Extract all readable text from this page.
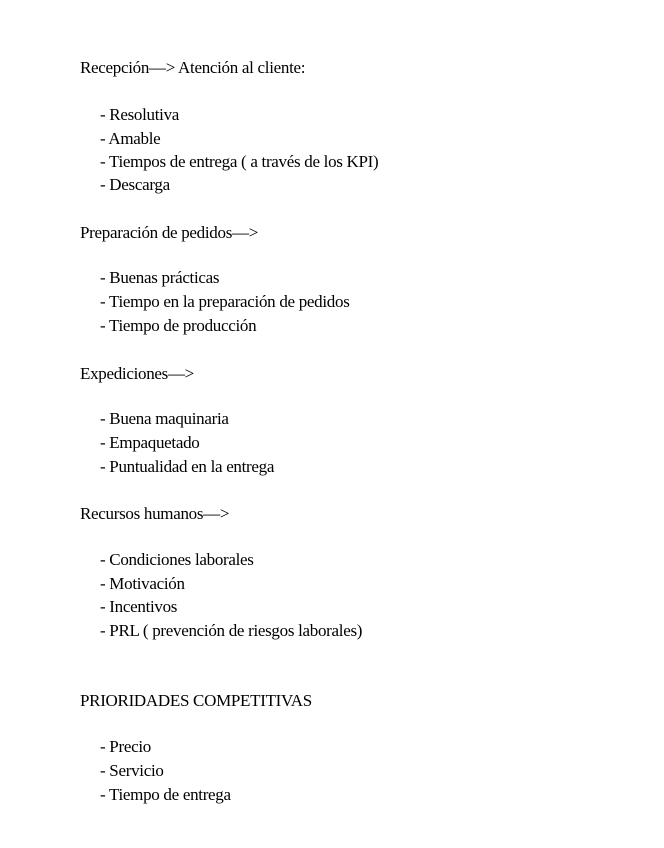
Recepción—> Atención al cliente:
- Resolutiva
- Amable
- Tiempos de entrega ( a través de los KPI)
- Descarga
Preparación de pedidos—>
- Buenas prácticas
- Tiempo en la preparación de pedidos
- Tiempo de producción
Expediciones—>
- Buena maquinaria
- Empaquetado
- Puntualidad en la entrega
Recursos humanos—>
- Condiciones laborales
- Motivación
- Incentivos
- PRL ( prevención de riesgos laborales)
PRIORIDADES COMPETITIVAS
- Precio
- Servicio
- Tiempo de entrega
